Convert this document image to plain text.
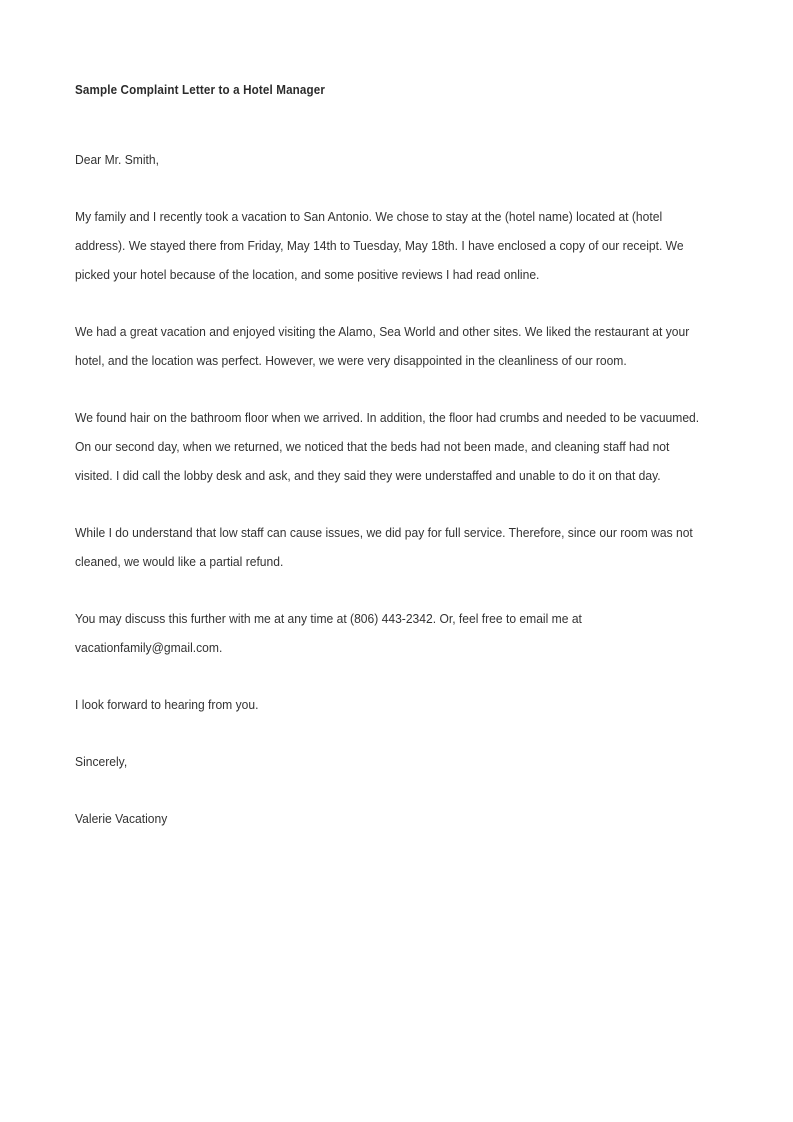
Sample Complaint Letter to a Hotel Manager

Dear Mr. Smith,

My family and I recently took a vacation to San Antonio. We chose to stay at the (hotel name) located at (hotel address). We stayed there from Friday, May 14th to Tuesday, May 18th. I have enclosed a copy of our receipt. We picked your hotel because of the location, and some positive reviews I had read online.

We had a great vacation and enjoyed visiting the Alamo, Sea World and other sites. We liked the restaurant at your hotel, and the location was perfect. However, we were very disappointed in the cleanliness of our room.

We found hair on the bathroom floor when we arrived. In addition, the floor had crumbs and needed to be vacuumed. On our second day, when we returned, we noticed that the beds had not been made, and cleaning staff had not visited. I did call the lobby desk and ask, and they said they were understaffed and unable to do it on that day.

While I do understand that low staff can cause issues, we did pay for full service. Therefore, since our room was not cleaned, we would like a partial refund.

You may discuss this further with me at any time at (806) 443-2342. Or, feel free to email me at vacationfamily@gmail.com.

I look forward to hearing from you.

Sincerely,

Valerie Vacationy
